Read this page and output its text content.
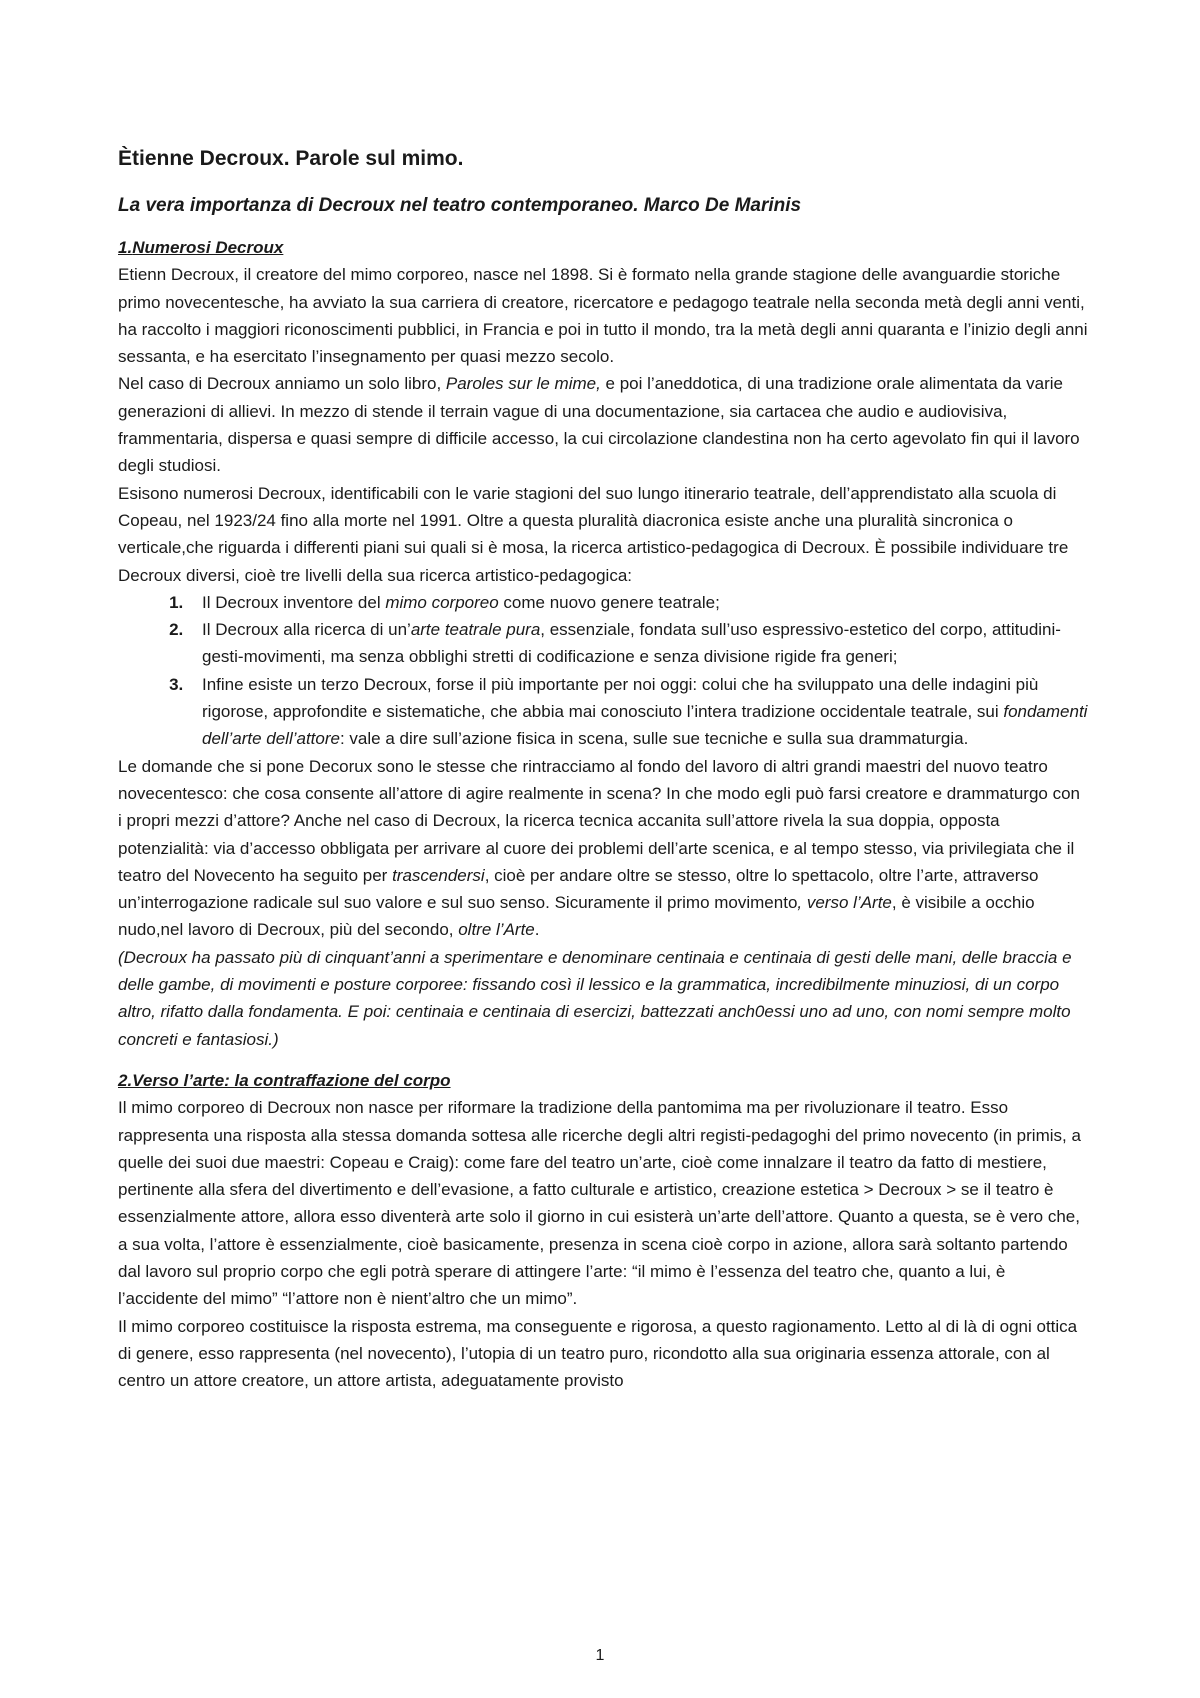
Ètienne Decroux. Parole sul mimo.
La vera importanza di Decroux nel teatro contemporaneo. Marco De Marinis

1.Numerosi Decroux

Etienn Decroux, il creatore del mimo corporeo, nasce nel 1898. Si è formato nella grande stagione delle avanguardie storiche primo novecentesche, ha avviato la sua carriera di creatore, ricercatore e pedagogo teatrale nella seconda metà degli anni venti, ha raccolto i maggiori riconoscimenti pubblici, in Francia e poi in tutto il mondo, tra la metà degli anni quaranta e l’inizio degli anni sessanta, e ha esercitato l’insegnamento per quasi mezzo secolo.

Nel caso di Decroux anniamo un solo libro, Paroles sur le mime, e poi l’aneddotica, di una tradizione orale alimentata da varie generazioni di allievi. In mezzo di stende il terrain vague di una documentazione, sia cartacea che audio e audiovisiva, frammentaria, dispersa e quasi sempre di difficile accesso, la cui circolazione clandestina non ha certo agevolato fin qui il lavoro degli studiosi.

Esisono numerosi Decroux, identificabili con le varie stagioni del suo lungo itinerario teatrale, dell’apprendistato alla scuola di Copeau, nel 1923/24 fino alla morte nel 1991. Oltre a questa pluralità diacronica esiste anche una pluralità sincronica o verticale,che riguarda i differenti piani sui quali si è mosa, la ricerca artistico-pedagogica di Decroux. È possibile individuare tre Decroux diversi, cioè tre livelli della sua ricerca artistico-pedagogica:

1. Il Decroux inventore del mimo corporeo come nuovo genere teatrale;
2. Il Decroux alla ricerca di un’arte teatrale pura, essenziale, fondata sull’uso espressivo-estetico del corpo, attitudini-gesti-movimenti, ma senza obblighi stretti di codificazione e senza divisione rigide fra generi;
3. Infine esiste un terzo Decroux, forse il più importante per noi oggi: colui che ha sviluppato una delle indagini più rigorose, approfondite e sistematiche, che abbia mai conosciuto l’intera tradizione occidentale teatrale, sui fondamenti dell’arte dell’attore: vale a dire sull’azione fisica in scena, sulle sue tecniche e sulla sua drammaturgia.

Le domande che si pone Decorux sono le stesse che rintracciamo al fondo del lavoro di altri grandi maestri del nuovo teatro novecentesco: che cosa consente all’attore di agire realmente in scena? In che modo egli può farsi creatore e drammaturgo con i propri mezzi d’attore? Anche nel caso di Decroux, la ricerca tecnica accanita sull’attore rivela la sua doppia, opposta potenzialità: via d’accesso obbligata per arrivare al cuore dei problemi dell’arte scenica, e al tempo stesso, via privilegiata che il teatro del Novecento ha seguito per trascendersi, cioè per andare oltre se stesso, oltre lo spettacolo, oltre l’arte, attraverso un’interrogazione radicale sul suo valore e sul suo senso. Sicuramente il primo movimento, verso l’Arte, è visibile a occhio nudo,nel lavoro di Decroux, più del secondo, oltre l’Arte.

(Decroux ha passato più di cinquant’anni a sperimentare e denominare centinaia e centinaia di gesti delle mani, delle braccia e delle gambe, di movimenti e posture corporee: fissando così il lessico e la grammatica, incredibilmente minuziosi, di un corpo altro, rifatto dalla fondamenta. E poi: centinaia e centinaia di esercizi, battezzati anch0essi uno ad uno, con nomi sempre molto concreti e fantasiosi.)

2.Verso l’arte: la contraffazione del corpo

Il mimo corporeo di Decroux non nasce per riformare la tradizione della pantomima ma per rivoluzionare il teatro. Esso rappresenta una risposta alla stessa domanda sottesa alle ricerche degli altri registi-pedagoghi del primo novecento (in primis, a quelle dei suoi due maestri: Copeau e Craig): come fare del teatro un’arte, cioè come innalzare il teatro da fatto di mestiere, pertinente alla sfera del divertimento e dell’evasione, a fatto culturale e artistico, creazione estetica > Decroux > se il teatro è essenzialmente attore, allora esso diventerà arte solo il giorno in cui esisterà un’arte dell’attore. Quanto a questa, se è vero che, a sua volta, l’attore è essenzialmente, cioè basicamente, presenza in scena cioè corpo in azione, allora sarà soltanto partendo dal lavoro sul proprio corpo che egli potrà sperare di attingere l’arte: “il mimo è l’essenza del teatro che, quanto a lui, è l’accidente del mimo” “l’attore non è nient’altro che un mimo”.

Il mimo corporeo costituisce la risposta estrema, ma conseguente e rigorosa, a questo ragionamento. Letto al di là di ogni ottica di genere, esso rappresenta (nel novecento), l’utopia di un teatro puro, ricondotto alla sua originaria essenza attorale, con al centro un attore creatore, un attore artista, adeguatamente provisto

1
